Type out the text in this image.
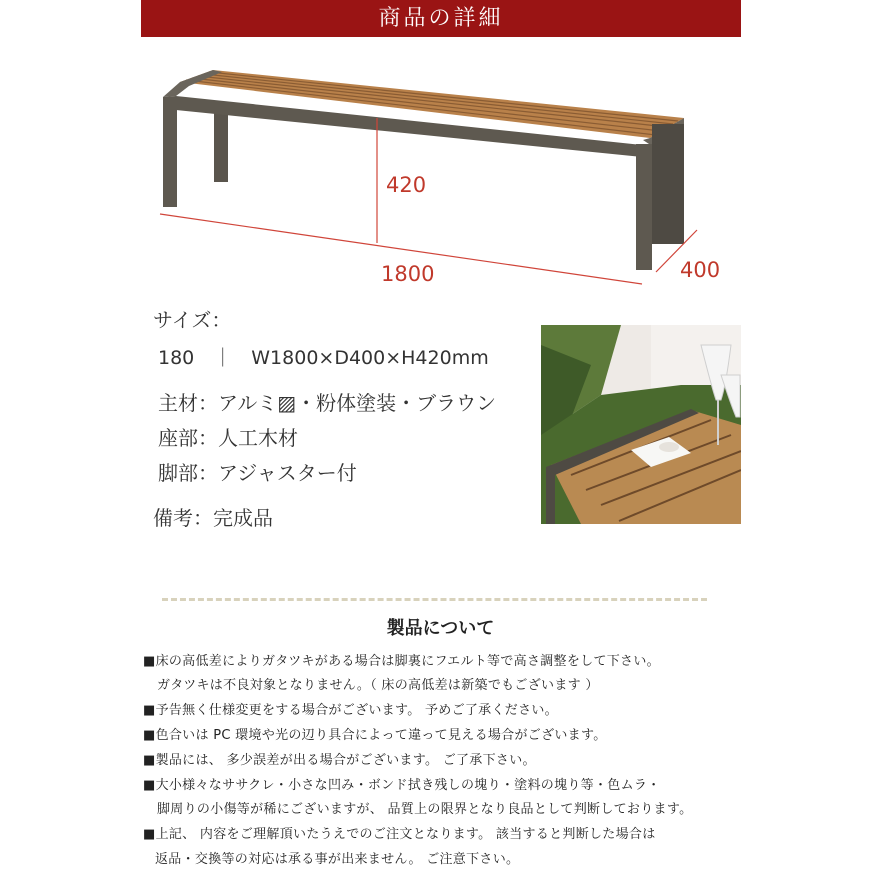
商品の詳細
420
1800	400
サイズ：
180　｜　W1800×D400×H420mm
主材：アルミ▨・粉体塗装・ブラウン
座部：人工木材
脚部：アジャスター付
備考：完成品
製品について
■床の高低差によりガタツキがある場合は脚裏にフエルト等で高さ調整をして下さい。
ガタツキは不良対象となりません。（ 床の高低差は新築でもございます ）
■予告無く仕様変更をする場合がございます。 予めご了承ください。
■色合いは PC 環境や光の辺り具合によって違って見える場合がございます。
■製品には、 多少誤差が出る場合がございます。 ご了承下さい。
■大小様々なササクレ・小さな凹み・ボンド拭き残しの塊り・塗料の塊り等・色ムラ・
脚周りの小傷等が稀にございますが、 品質上の限界となり良品として判断しております。
■上記、 内容をご理解頂いたうえでのご注文となります。 該当すると判断した場合は
返品・交換等の対応は承る事が出来ません。 ご注意下さい。
